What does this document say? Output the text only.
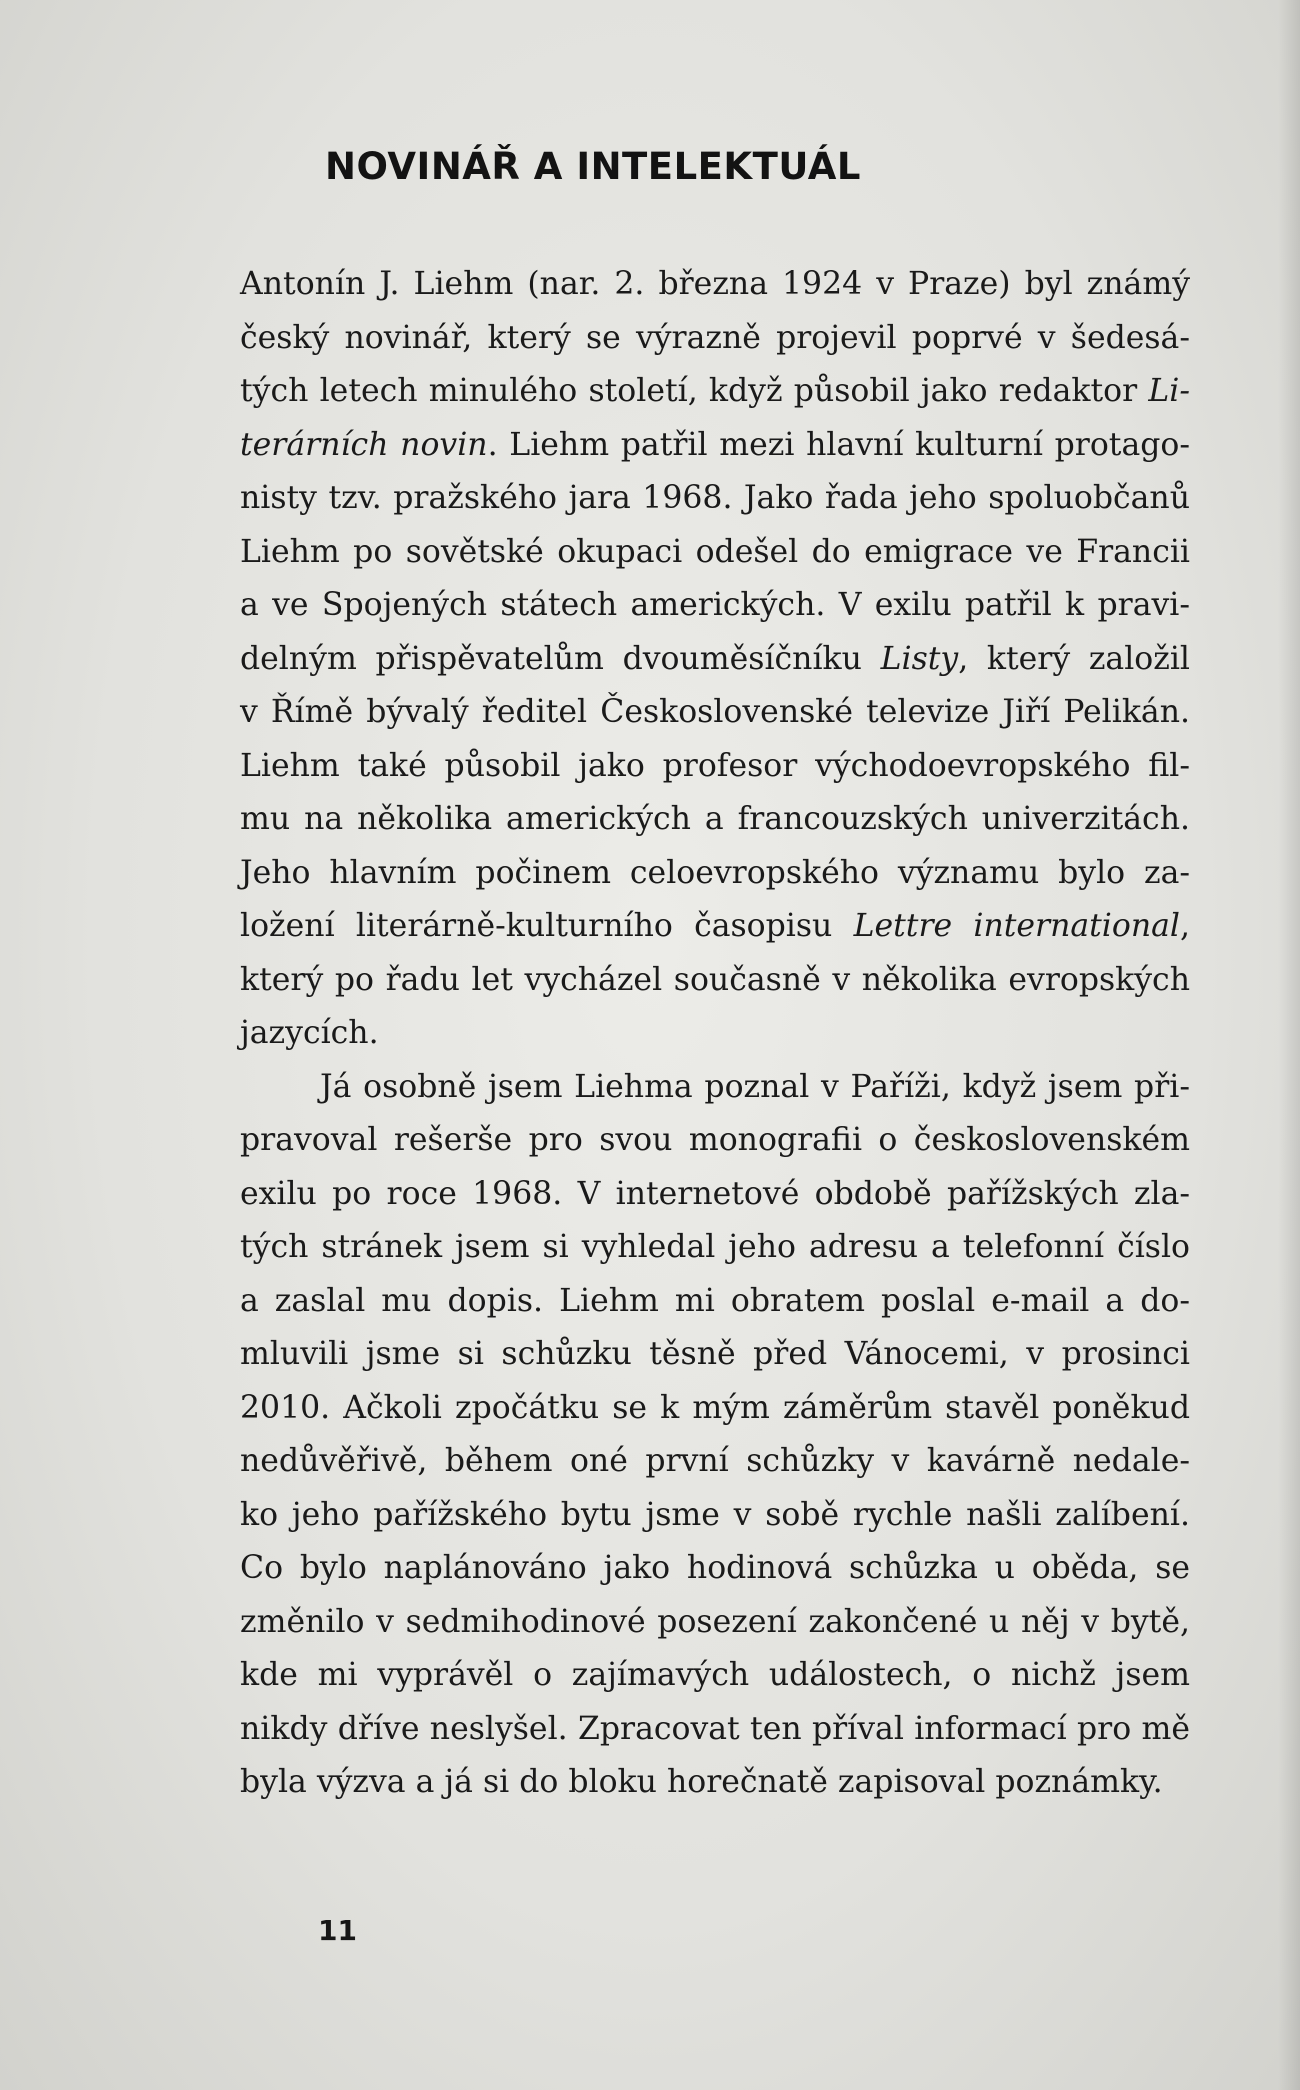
NOVINÁŘ A INTELEKTUÁL
Antonín J. Liehm (nar. 2. března 1924 v Praze) byl známý
český novinář, který se výrazně projevil poprvé v šedesá-
tých letech minulého století, když působil jako redaktor Li-
terárních novin. Liehm patřil mezi hlavní kulturní protago-
nisty tzv. pražského jara 1968. Jako řada jeho spoluobčanů
Liehm po sovětské okupaci odešel do emigrace ve Francii
a ve Spojených státech amerických. V exilu patřil k pravi-
delným přispěvatelům dvouměsíčníku Listy, který založil
v Římě bývalý ředitel Československé televize Jiří Pelikán.
Liehm také působil jako profesor východoevropského fil-
mu na několika amerických a francouzských univerzitách.
Jeho hlavním počinem celoevropského významu bylo za-
ložení literárně-kulturního časopisu Lettre international,
který po řadu let vycházel současně v několika evropských
jazycích.
Já osobně jsem Liehma poznal v Paříži, když jsem při-
pravoval rešerše pro svou monografii o československém
exilu po roce 1968. V internetové obdobě pařížských zla-
tých stránek jsem si vyhledal jeho adresu a telefonní číslo
a zaslal mu dopis. Liehm mi obratem poslal e-mail a do-
mluvili jsme si schůzku těsně před Vánocemi, v prosinci
2010. Ačkoli zpočátku se k mým záměrům stavěl poněkud
nedůvěřivě, během oné první schůzky v kavárně nedale-
ko jeho pařížského bytu jsme v sobě rychle našli zalíbení.
Co bylo naplánováno jako hodinová schůzka u oběda, se
změnilo v sedmihodinové posezení zakončené u něj v bytě,
kde mi vyprávěl o zajímavých událostech, o nichž jsem
nikdy dříve neslyšel. Zpracovat ten příval informací pro mě
byla výzva a já si do bloku horečnatě zapisoval poznámky.
11
